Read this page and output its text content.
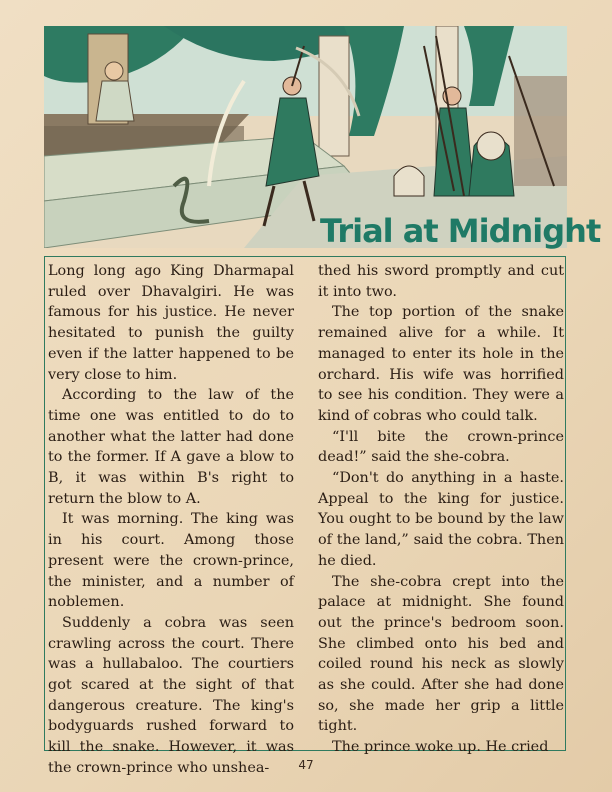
Trial at Midnight

Long long ago King Dharmapal ruled over Dhavalgiri. He was famous for his justice. He never hesitated to punish the guilty even if the latter happened to be very close to him.

According to the law of the time one was entitled to do to another what the latter had done to the former. If A gave a blow to B, it was within B's right to return the blow to A.

It was morning. The king was in his court. Among those present were the crown-prince, the minister, and a number of noblemen.

Suddenly a cobra was seen crawling across the court. There was a hullabaloo. The courtiers got scared at the sight of that dangerous creature. The king's bodyguards rushed forward to kill the snake. However, it was the crown-prince who unshea-

thed his sword promptly and cut it into two.

The top portion of the snake remained alive for a while. It managed to enter its hole in the orchard. His wife was horrified to see his condition. They were a kind of cobras who could talk.

“I'll bite the crown-prince dead!” said the she-cobra.

“Don't do anything in a haste. Appeal to the king for justice. You ought to be bound by the law of the land,” said the cobra. Then he died.

The she-cobra crept into the palace at midnight. She found out the prince's bedroom soon. She climbed onto his bed and coiled round his neck as slowly as she could. After she had done so, she made her grip a little tight.

The prince woke up. He cried

47
